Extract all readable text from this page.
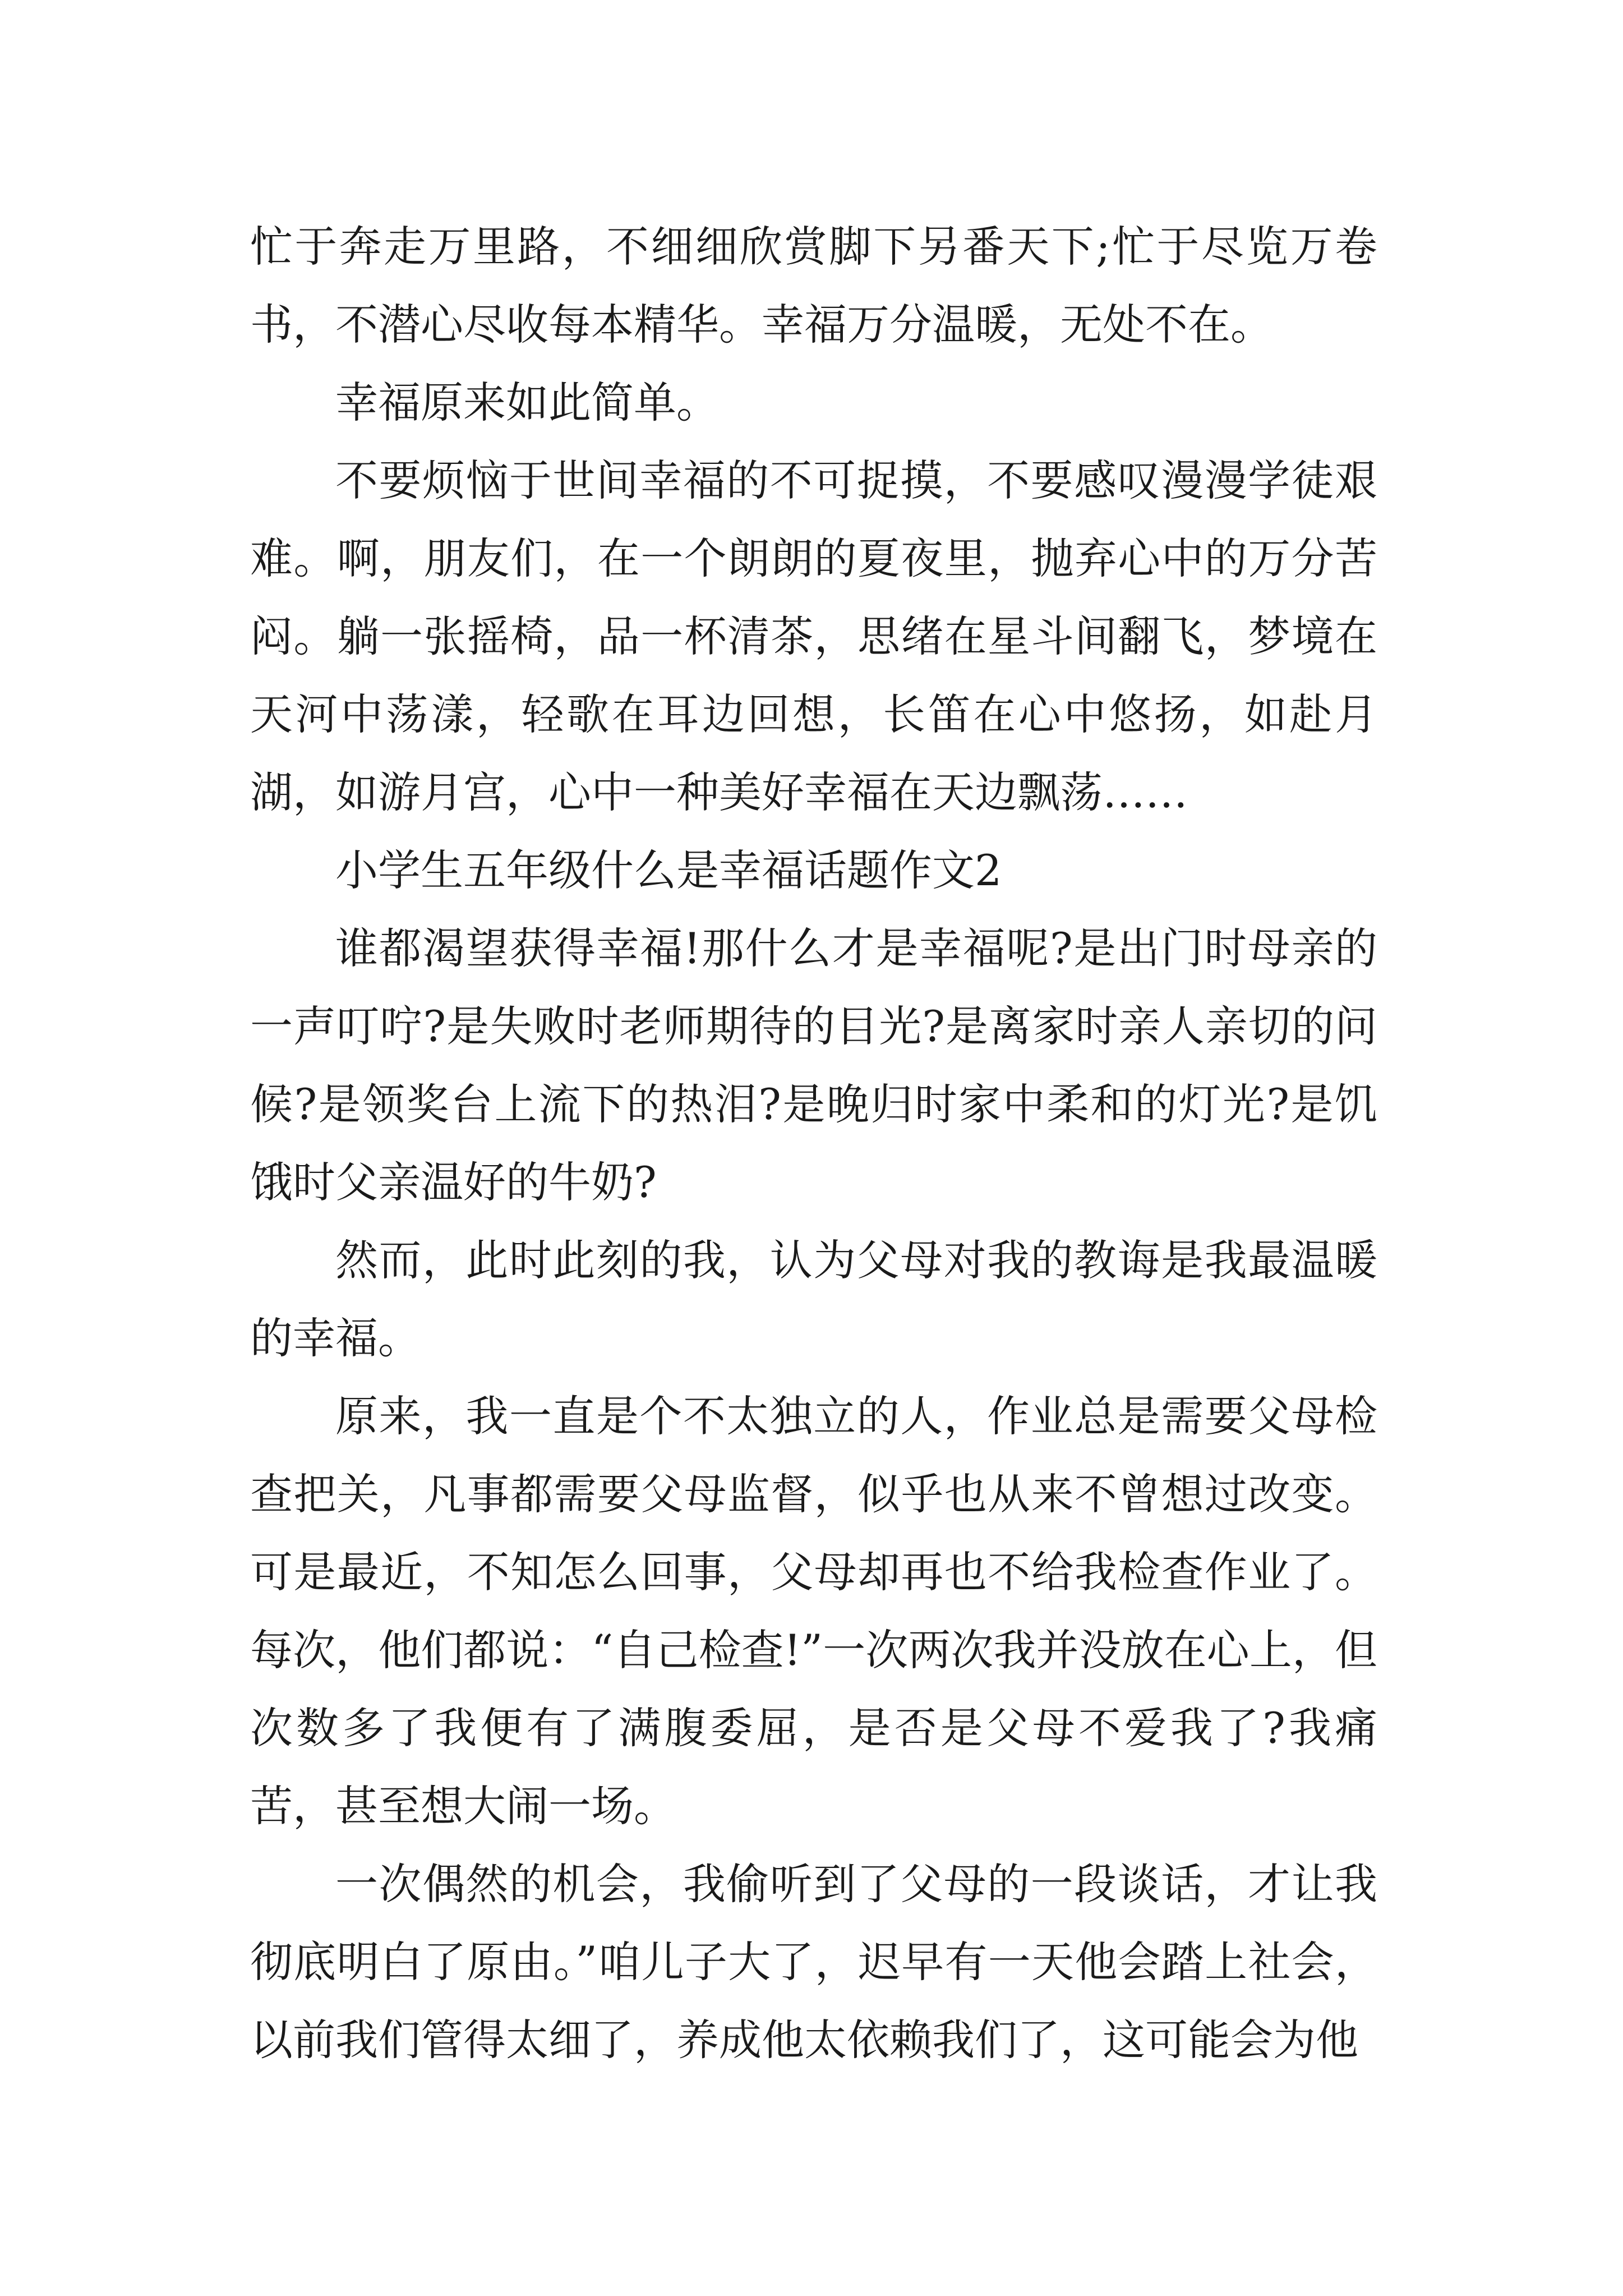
忙于奔走万里路，不细细欣赏脚下另番天下;忙于尽览万卷书，不潜心尽收每本精华。幸福万分温暖，无处不在。

幸福原来如此简单。

不要烦恼于世间幸福的不可捉摸，不要感叹漫漫学徒艰难。啊，朋友们，在一个朗朗的夏夜里，抛弃心中的万分苦闷。躺一张摇椅，品一杯清茶，思绪在星斗间翻飞，梦境在天河中荡漾，轻歌在耳边回想，长笛在心中悠扬，如赴月湖，如游月宫，心中一种美好幸福在天边飘荡……

小学生五年级什么是幸福话题作文2

谁都渴望获得幸福!那什么才是幸福呢?是出门时母亲的一声叮咛?是失败时老师期待的目光?是离家时亲人亲切的问候?是领奖台上流下的热泪?是晚归时家中柔和的灯光?是饥饿时父亲温好的牛奶?

然而，此时此刻的我，认为父母对我的教诲是我最温暖的幸福。

原来，我一直是个不太独立的人，作业总是需要父母检查把关，凡事都需要父母监督，似乎也从来不曾想过改变。可是最近，不知怎么回事，父母却再也不给我检查作业了。每次，他们都说：“自己检查!”一次两次我并没放在心上，但次数多了我便有了满腹委屈，是否是父母不爱我了?我痛苦，甚至想大闹一场。

一次偶然的机会，我偷听到了父母的一段谈话，才让我彻底明白了原由。”咱儿子大了，迟早有一天他会踏上社会，以前我们管得太细了，养成他太依赖我们了，这可能会为他
